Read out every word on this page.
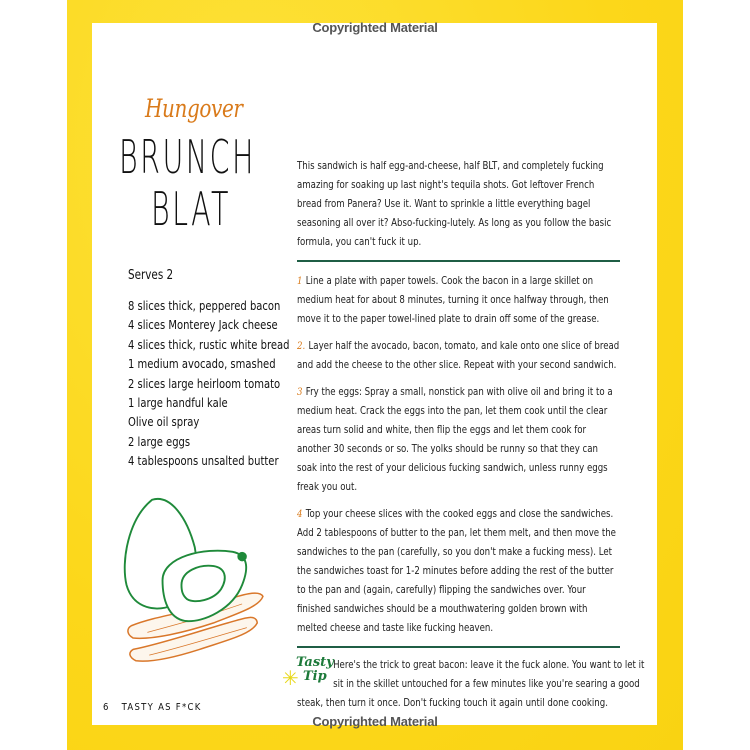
Copyrighted Material
Hungover
BRUNCH
BLAT
Serves 2
8 slices thick, peppered bacon
4 slices Monterey Jack cheese
4 slices thick, rustic white bread
1 medium avocado, smashed
2 slices large heirloom tomato
1 large handful kale
Olive oil spray
2 large eggs
4 tablespoons unsalted butter

This sandwich is half egg-and-cheese, half BLT, and completely fucking amazing for soaking up last night's tequila shots. Got leftover French bread from Panera? Use it. Want to sprinkle a little everything bagel seasoning all over it? Abso-fucking-lutely. As long as you follow the basic formula, you can't fuck it up.

1 Line a plate with paper towels. Cook the bacon in a large skillet on medium heat for about 8 minutes, turning it once halfway through, then move it to the paper towel-lined plate to drain off some of the grease.

2. Layer half the avocado, bacon, tomato, and kale onto one slice of bread and add the cheese to the other slice. Repeat with your second sandwich.

3 Fry the eggs: Spray a small, nonstick pan with olive oil and bring it to a medium heat. Crack the eggs into the pan, let them cook until the clear areas turn solid and white, then flip the eggs and let them cook for another 30 seconds or so. The yolks should be runny so that they can soak into the rest of your delicious fucking sandwich, unless runny eggs freak you out.

4 Top your cheese slices with the cooked eggs and close the sandwiches. Add 2 tablespoons of butter to the pan, let them melt, and then move the sandwiches to the pan (carefully, so you don't make a fucking mess). Let the sandwiches toast for 1-2 minutes before adding the rest of the butter to the pan and (again, carefully) flipping the sandwiches over. Your finished sandwiches should be a mouthwatering golden brown with melted cheese and taste like fucking heaven.

✳
Tasty
Tip
Here's the trick to great bacon: leave it the fuck alone. You want to let it
sit in the skillet untouched for a few minutes like you're searing a good
steak, then turn it once. Don't fucking touch it again until done cooking.
6 TASTY AS F*CK
Copyrighted Material
